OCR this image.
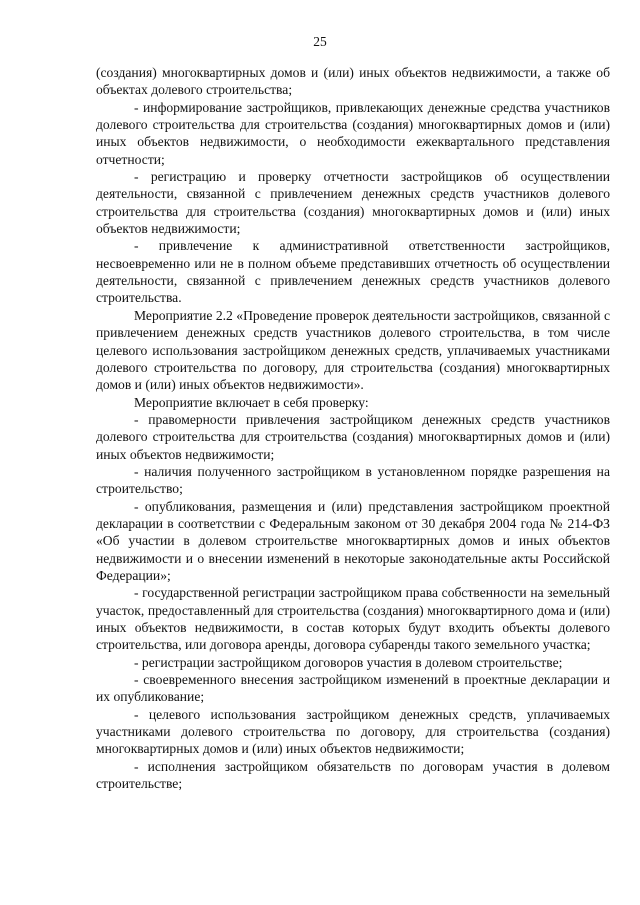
25

(создания) многоквартирных домов и (или) иных объектов недвижимости, а также об объектах долевого строительства;

- информирование застройщиков, привлекающих денежные средства участников долевого строительства для строительства (создания) многоквартирных домов и (или) иных объектов недвижимости, о необходимости ежеквартального представления отчетности;

- регистрацию и проверку отчетности застройщиков об осуществлении деятельности, связанной с привлечением денежных средств участников долевого строительства для строительства (создания) многоквартирных домов и (или) иных объектов недвижимости;

- привлечение к административной ответственности застройщиков, несвоевременно или не в полном объеме представивших отчетность об осуществлении деятельности, связанной с привлечением денежных средств участников долевого строительства.

Мероприятие 2.2 «Проведение проверок деятельности застройщиков, связанной с привлечением денежных средств участников долевого строительства, в том числе целевого использования застройщиком денежных средств, уплачиваемых участниками долевого строительства по договору, для строительства (создания) многоквартирных домов и (или) иных объектов недвижимости».

Мероприятие включает в себя проверку:

- правомерности привлечения застройщиком денежных средств участников долевого строительства для строительства (создания) многоквартирных домов и (или) иных объектов недвижимости;

- наличия полученного застройщиком в установленном порядке разрешения на строительство;

- опубликования, размещения и (или) представления застройщиком проектной декларации в соответствии с Федеральным законом от 30 декабря 2004 года № 214-ФЗ «Об участии в долевом строительстве многоквартирных домов и иных объектов недвижимости и о внесении изменений в некоторые законодательные акты Российской Федерации»;

- государственной регистрации застройщиком права собственности на земельный участок, предоставленный для строительства (создания) многоквартирного дома и (или) иных объектов недвижимости, в состав которых будут входить объекты долевого строительства, или договора аренды, договора субаренды такого земельного участка;

- регистрации застройщиком договоров участия в долевом строительстве;

- своевременного внесения застройщиком изменений в проектные декларации и их опубликование;

- целевого использования застройщиком денежных средств, уплачиваемых участниками долевого строительства по договору, для строительства (создания) многоквартирных домов и (или) иных объектов недвижимости;

- исполнения застройщиком обязательств по договорам участия в долевом строительстве;
